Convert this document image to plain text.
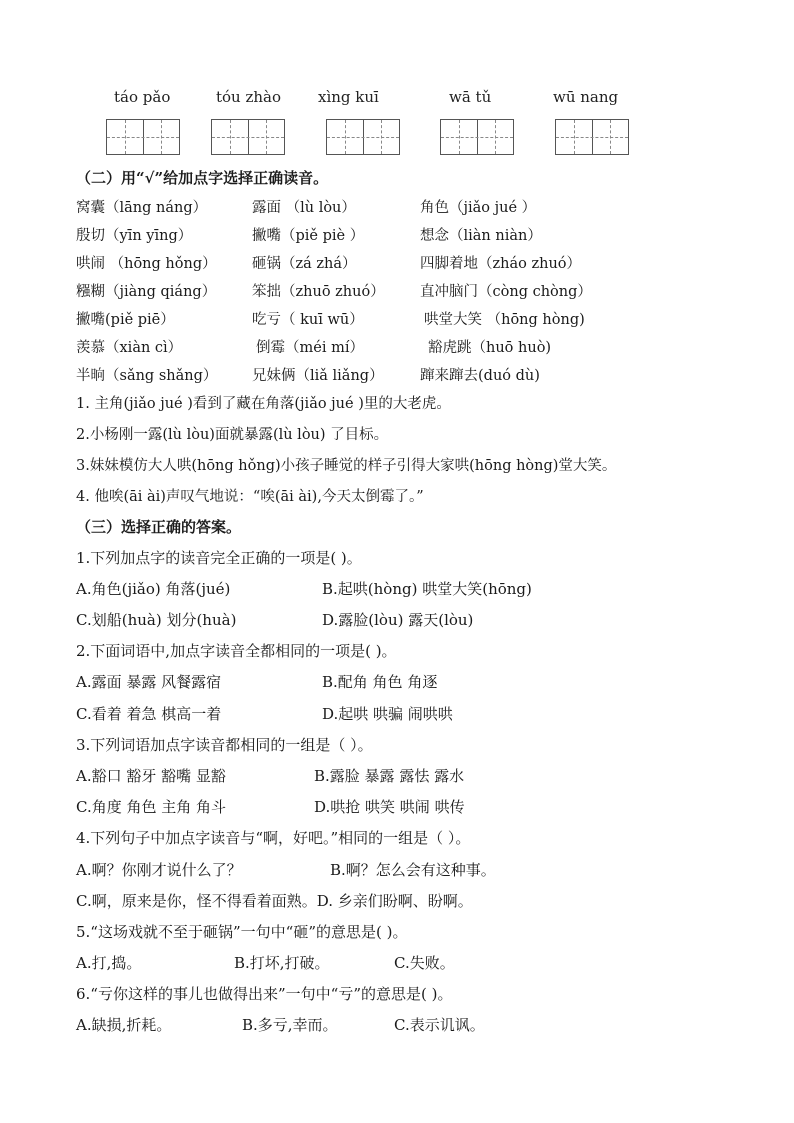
táo pǎo	tóu zhào xìng kuī	wā tǔ	wū nang
（二）用“√”给加点字选择正确读音。
窝囊（lāng náng）	露面 （lù lòu）	角色（jiǎo jué ）
殷切（yīn yīng）	撇嘴（piě piè ）	想念（liàn niàn）
哄闹 （hōng hǒng） 砸锅（zá zhá）	四脚着地（zháo zhuó）
糨糊（jiàng qiáng） 笨拙（zhuō zhuó） 直冲脑门（còng chòng）
撇嘴(piě piē）	吃亏（ kuī wū）	哄堂大笑 （hōng hòng)
羡慕（xiàn cì）	倒霉（méi mí）	豁虎跳（huō huò)
半晌（sǎng shǎng） 兄妹俩（liǎ liǎng）	蹿来蹿去(duó dù)
1. 主角(jiǎo jué )看到了藏在角落(jiǎo jué )里的大老虎。
2.小杨刚一露(lù lòu)面就暴露(lù lòu) 了目标。
3.妹妹模仿大人哄(hōng hǒng)小孩子睡觉的样子引得大家哄(hōng hòng)堂大笑。
4. 他唉(āi ài)声叹气地说：“唉(āi ài),今天太倒霉了。”
（三）选择正确的答案。
1.下列加点字的读音完全正确的一项是( )。
A.角色(jiǎo) 角落(jué)	B.起哄(hòng) 哄堂大笑(hōng)
C.划船(huà) 划分(huà)	D.露脸(lòu) 露天(lòu)
2.下面词语中,加点字读音全都相同的一项是( )。
A.露面 暴露 风餐露宿	B.配角 角色 角逐
C.看着 着急 棋高一着	D.起哄 哄骗 闹哄哄
3.下列词语加点字读音都相同的一组是（ ）。
A.豁口 豁牙 豁嘴 显豁	B.露脸 暴露 露怯 露水
C.角度 角色 主角 角斗	D.哄抢 哄笑 哄闹 哄传
4.下列句子中加点字读音与“啊，好吧。”相同的一组是（ ）。
A.啊？你刚才说什么了？	B.啊？怎么会有这种事。
C.啊，原来是你，怪不得看着面熟。D. 乡亲们盼啊、盼啊。
5.“这场戏就不至于砸锅”一句中“砸”的意思是( )。
A.打,捣。	B.打坏,打破。	C.失败。
6.“亏你这样的事儿也做得出来”一句中“亏”的意思是( )。
A.缺损,折耗。	B.多亏,幸而。	C.表示讥讽。
